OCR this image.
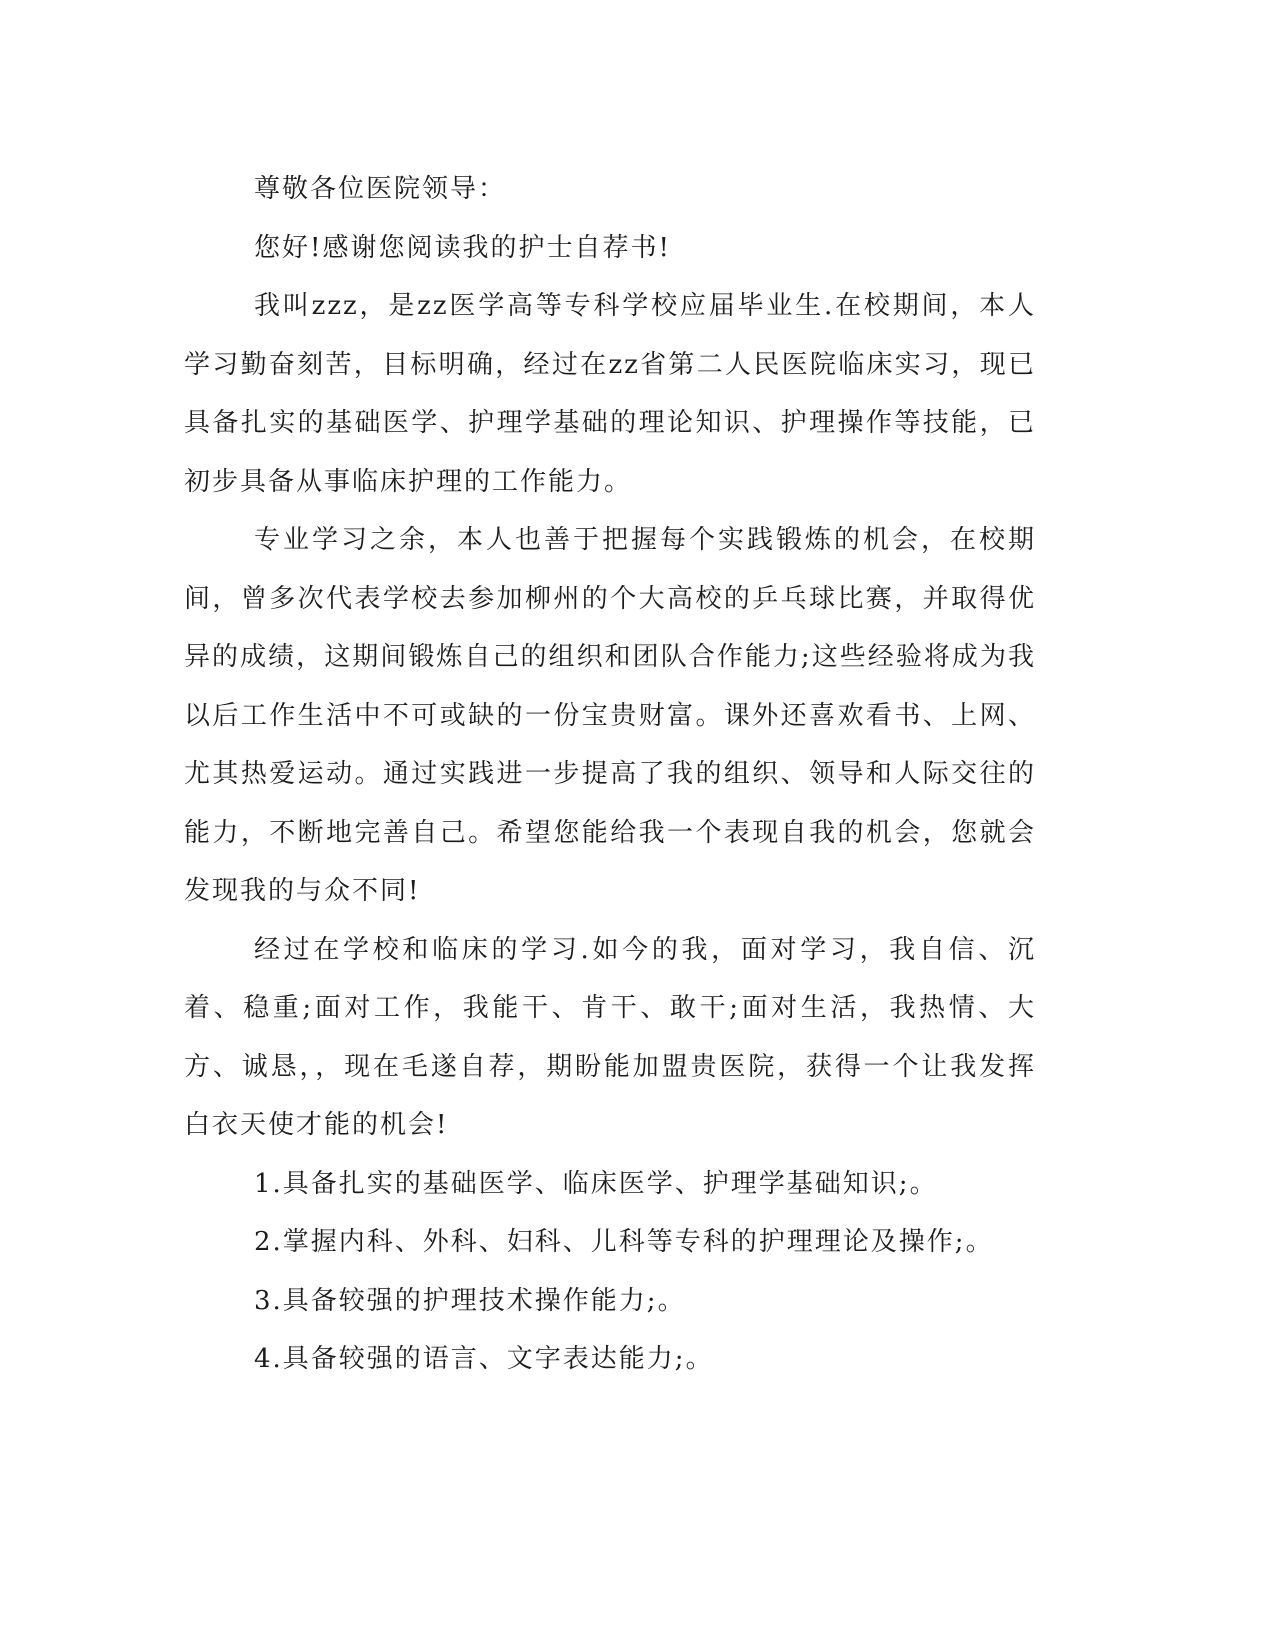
尊敬各位医院领导：

您好!感谢您阅读我的护士自荐书!

我叫zzz，是zz医学高等专科学校应届毕业生.在校期间，本人学习勤奋刻苦，目标明确，经过在zz省第二人民医院临床实习，现已具备扎实的基础医学、护理学基础的理论知识、护理操作等技能，已初步具备从事临床护理的工作能力。

专业学习之余，本人也善于把握每个实践锻炼的机会，在校期间，曾多次代表学校去参加柳州的个大高校的乒乓球比赛，并取得优异的成绩，这期间锻炼自己的组织和团队合作能力;这些经验将成为我以后工作生活中不可或缺的一份宝贵财富。课外还喜欢看书、上网、尤其热爱运动。通过实践进一步提高了我的组织、领导和人际交往的能力，不断地完善自己。希望您能给我一个表现自我的机会，您就会发现我的与众不同!

经过在学校和临床的学习.如今的我，面对学习，我自信、沉着、稳重;面对工作，我能干、肯干、敢干;面对生活，我热情、大方、诚恳，，现在毛遂自荐，期盼能加盟贵医院，获得一个让我发挥白衣天使才能的机会!

1.具备扎实的基础医学、临床医学、护理学基础知识;。

2.掌握内科、外科、妇科、儿科等专科的护理理论及操作;。

3.具备较强的护理技术操作能力;。

4.具备较强的语言、文字表达能力;。
